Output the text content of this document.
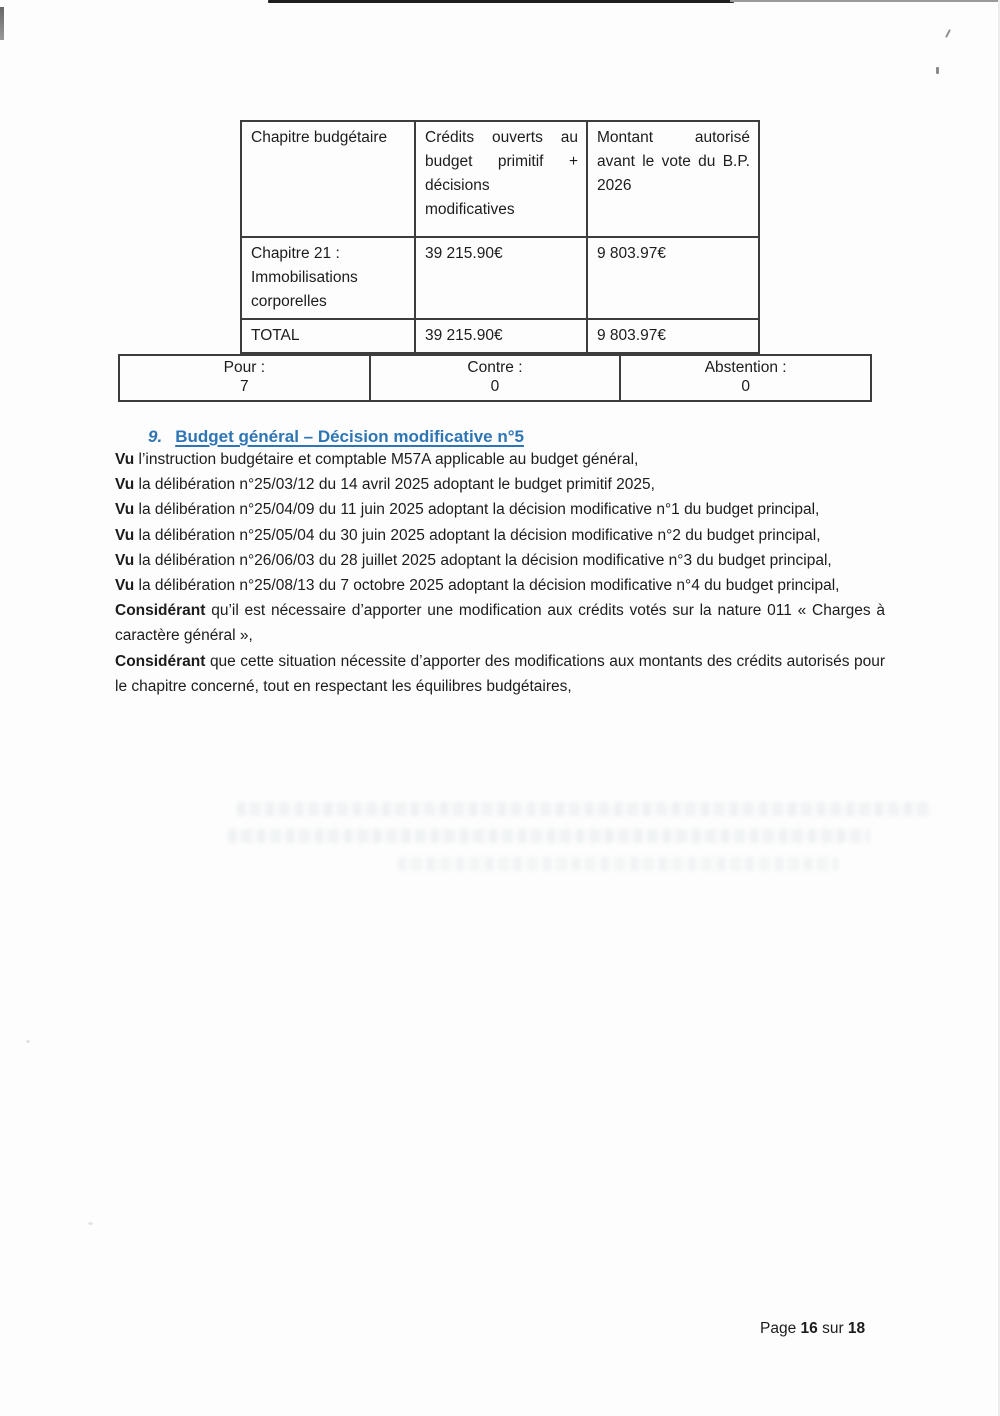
Chapitre budgétaire	Crédits ouverts au budget primitif + décisions modificatives	Montant autorisé avant le vote du B.P. 2026
Chapitre 21 : Immobilisations corporelles	39 215.90€	9 803.97€
TOTAL	39 215.90€	9 803.97€
Pour :
7

Contre :
0

Abstention :
0
9. Budget général – Décision modificative n°5

Vu l’instruction budgétaire et comptable M57A applicable au budget général,

Vu la délibération n°25/03/12 du 14 avril 2025 adoptant le budget primitif 2025,

Vu la délibération n°25/04/09 du 11 juin 2025 adoptant la décision modificative n°1 du budget principal,

Vu la délibération n°25/05/04 du 30 juin 2025 adoptant la décision modificative n°2 du budget principal,

Vu la délibération n°26/06/03 du 28 juillet 2025 adoptant la décision modificative n°3 du budget principal,

Vu la délibération n°25/08/13 du 7 octobre 2025 adoptant la décision modificative n°4 du budget principal,

Considérant qu’il est nécessaire d’apporter une modification aux crédits votés sur la nature 011 « Charges à caractère général »,

Considérant que cette situation nécessite d’apporter des modifications aux montants des crédits autorisés pour le chapitre concerné, tout en respectant les équilibres budgétaires,

Page 16 sur 18
